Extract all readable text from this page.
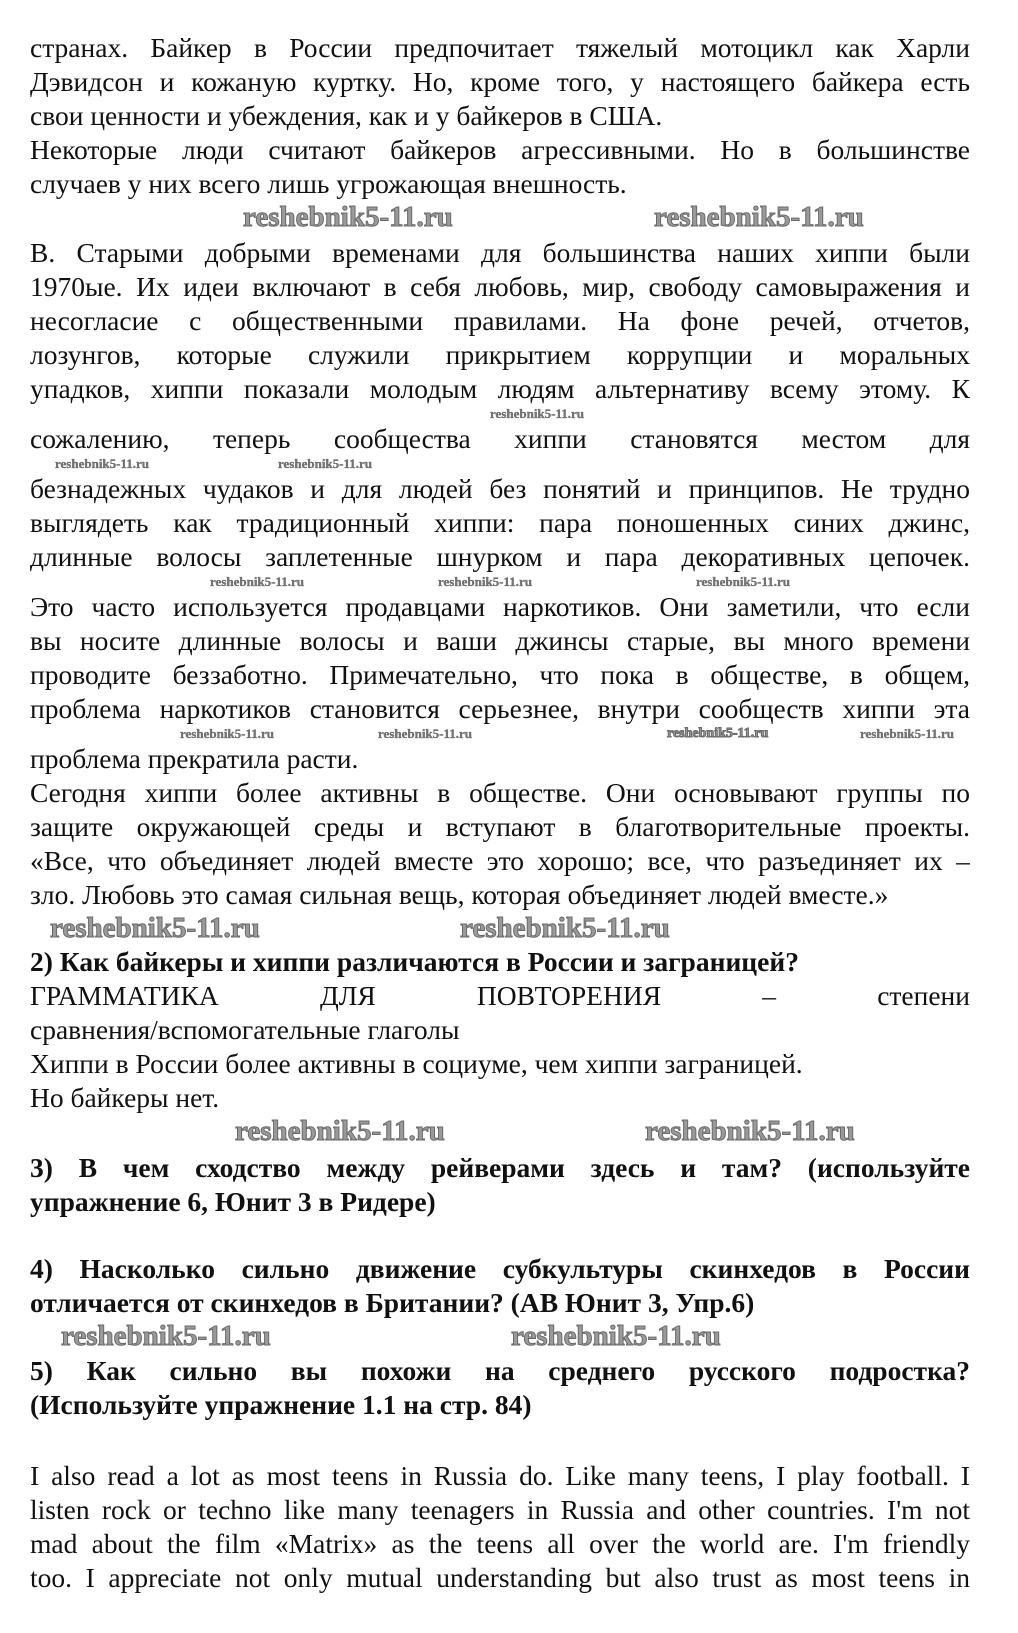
странах. Байкер в России предпочитает тяжелый мотоцикл как Харли
Дэвидсон и кожаную куртку. Но, кроме того, у настоящего байкера есть
свои ценности и убеждения, как и у байкеров в США.
Некоторые люди считают байкеров агрессивными. Но в большинстве
случаев у них всего лишь угрожающая внешность.
reshebnik5-11.ru	reshebnik5-11.ru
В. Старыми добрыми временами для большинства наших хиппи были
1970ые. Их идеи включают в себя любовь, мир, свободу самовыражения и
несогласие с общественными правилами. На фоне речей, отчетов,
лозунгов, которые служили прикрытием коррупции и моральных
упадков, хиппи показали молодым людям альтернативу всему этому. К
reshebnik5-11.ru
сожалению, теперь сообщества хиппи становятся местом для
reshebnik5-11.ru	reshebnik5-11.ru
безнадежных чудаков и для людей без понятий и принципов. Не трудно
выглядеть как традиционный хиппи: пара поношенных синих джинс,
длинные волосы заплетенные шнурком и пара декоративных цепочек.
reshebnik5-11.ru	reshebnik5-11.ru	reshebnik5-11.ru
Это часто используется продавцами наркотиков. Они заметили, что если
вы носите длинные волосы и ваши джинсы старые, вы много времени
проводите беззаботно. Примечательно, что пока в обществе, в общем,
проблема наркотиков становится серьезнее, внутри сообществ хиппи эта
reshebnik5-11.ru	reshebnik5-11.ru	reshebnik5-11.ru	reshebnik5-11.ru
проблема прекратила расти.
Сегодня хиппи более активны в обществе. Они основывают группы по
защите окружающей среды и вступают в благотворительные проекты.
«Все, что объединяет людей вместе это хорошо; все, что разъединяет их –
зло. Любовь это самая сильная вещь, которая объединяет людей вместе.»
reshebnik5-11.ru	reshebnik5-11.ru
2) Как байкеры и хиппи различаются в России и заграницей?
ГРАММАТИКА ДЛЯ ПОВТОРЕНИЯ – степени
сравнения/вспомогательные глаголы
Хиппи в России более активны в социуме, чем хиппи заграницей.
Но байкеры нет.
reshebnik5-11.ru	reshebnik5-11.ru
3) В чем сходство между рейверами здесь и там? (используйте
упражнение 6, Юнит 3 в Ридере)
4) Насколько сильно движение субкультуры скинхедов в России
отличается от скинхедов в Британии? (АВ Юнит 3, Упр.6)
reshebnik5-11.ru	reshebnik5-11.ru
5) Как сильно вы похожи на среднего русского подростка?
(Используйте упражнение 1.1 на стр. 84)
I also read a lot as most teens in Russia do. Like many teens, I play football. I
listen rock or techno like many teenagers in Russia and other countries. I'm not
mad about the film «Matrix» as the teens all over the world are. I'm friendly
too. I appreciate not only mutual understanding but also trust as most teens in
